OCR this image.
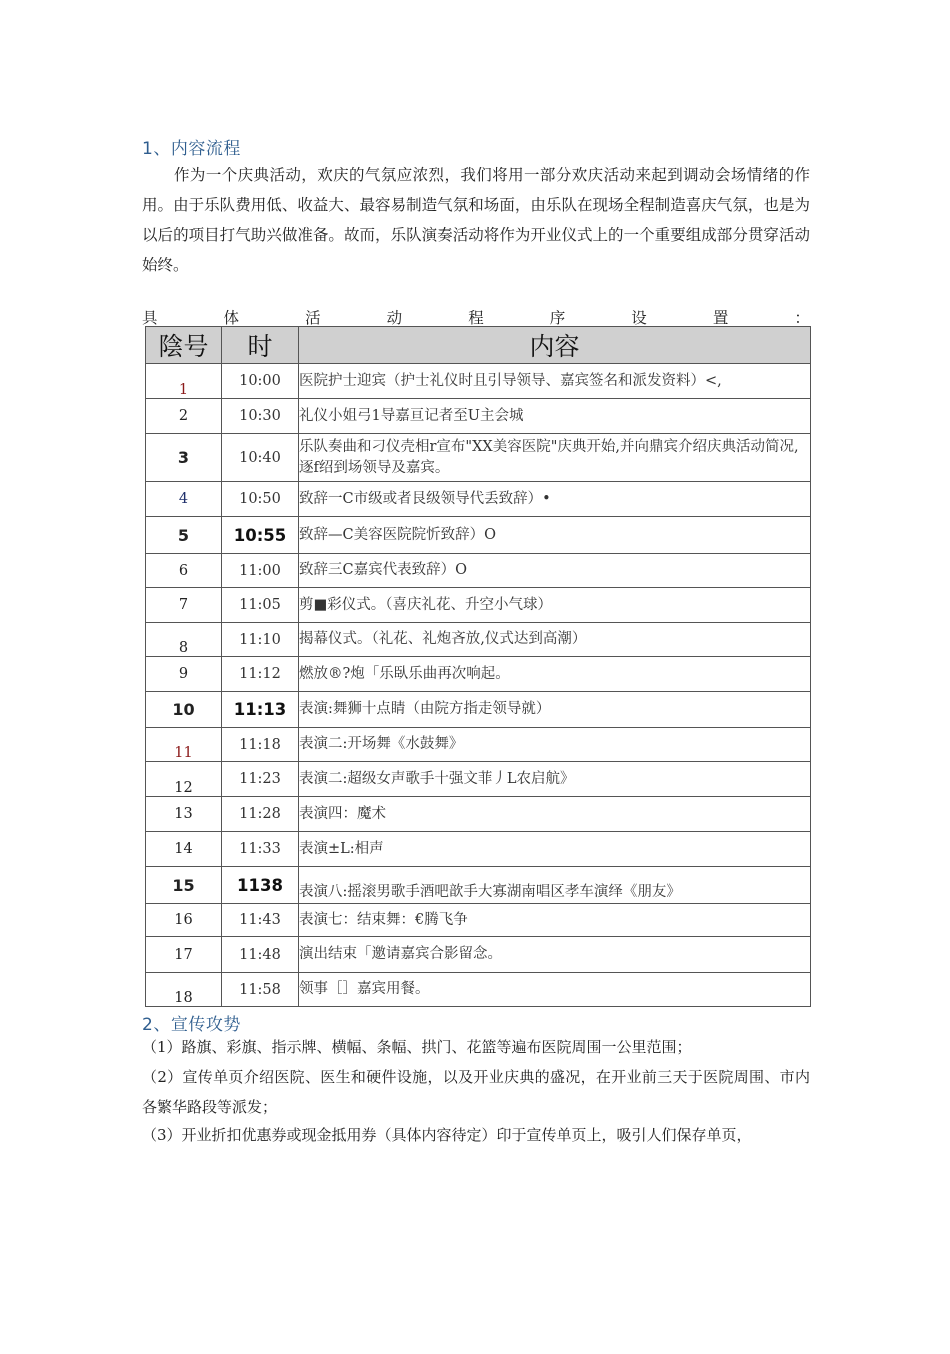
1、内容流程
作为一个庆典活动，欢庆的气氛应浓烈，我们将用一部分欢庆活动来起到调动会场情绪的作用。由于乐队费用低、收益大、最容易制造气氛和场面，由乐队在现场全程制造喜庆气氛，也是为以后的项目打气助兴做准备。故而，乐队演奏活动将作为开业仪式上的一个重要组成部分贯穿活动始终。
具	体	活	动	程	序	设	置	：
陰号	时	内容
1	10:00	医院护士迎宾（护士礼仪时且引导领导、嘉宾签名和派发资料）<,
2	10:30	礼仪小姐弓1导嘉亘记者至U主会城
3	10:40	乐队奏曲和刁仪壳相r宣布"XX美容医院"庆典开始,并向鼎宾介绍庆典活动简况,逐f绍到场领导及嘉宾。
4	10:50	致辞一C市级或者艮级领导代丢致辞）•
5	10:55	致辞—C美容医院院忻致辞）O
6	11:00	致辞三C嘉宾代表致辞）O
7	11:05	剪■彩仪式。（喜庆礼花、升空小气球）
8	11:10	揭幕仪式。（礼花、礼炮吝放,仪式达到高潮）
9	11:12	燃放®?炮「乐臥乐曲再次响起。
10	11:13	表演:舞狮十点睛（由院方指走领导就）
11	11:18	表演二:开场舞《水鼓舞》
12	11:23	表演二:超级女声歌手十强文菲丿L农启航》
13	11:28	表演四：魔术
14	11:33	表演±L:相声
15	1138	表演八:摇滚男歌手酒吧歆手大寡湖南唱区孝车演绎《朋友》
16	11:43	表演七：结束舞：€腾飞争
17	11:48	演出结束「邀请嘉宾合影留念。
18	11:58	领事［］嘉宾用餐。
2、宣传攻势
（1）路旗、彩旗、指示牌、横幅、条幅、拱门、花篮等遍布医院周围一公里范围；
（2）宣传单页介绍医院、医生和硬件设施，以及开业庆典的盛况，在开业前三天于医院周围、市内各繁华路段等派发；
（3）开业折扣优惠券或现金抵用券（具体内容待定）印于宣传单页上，吸引人们保存单页，
